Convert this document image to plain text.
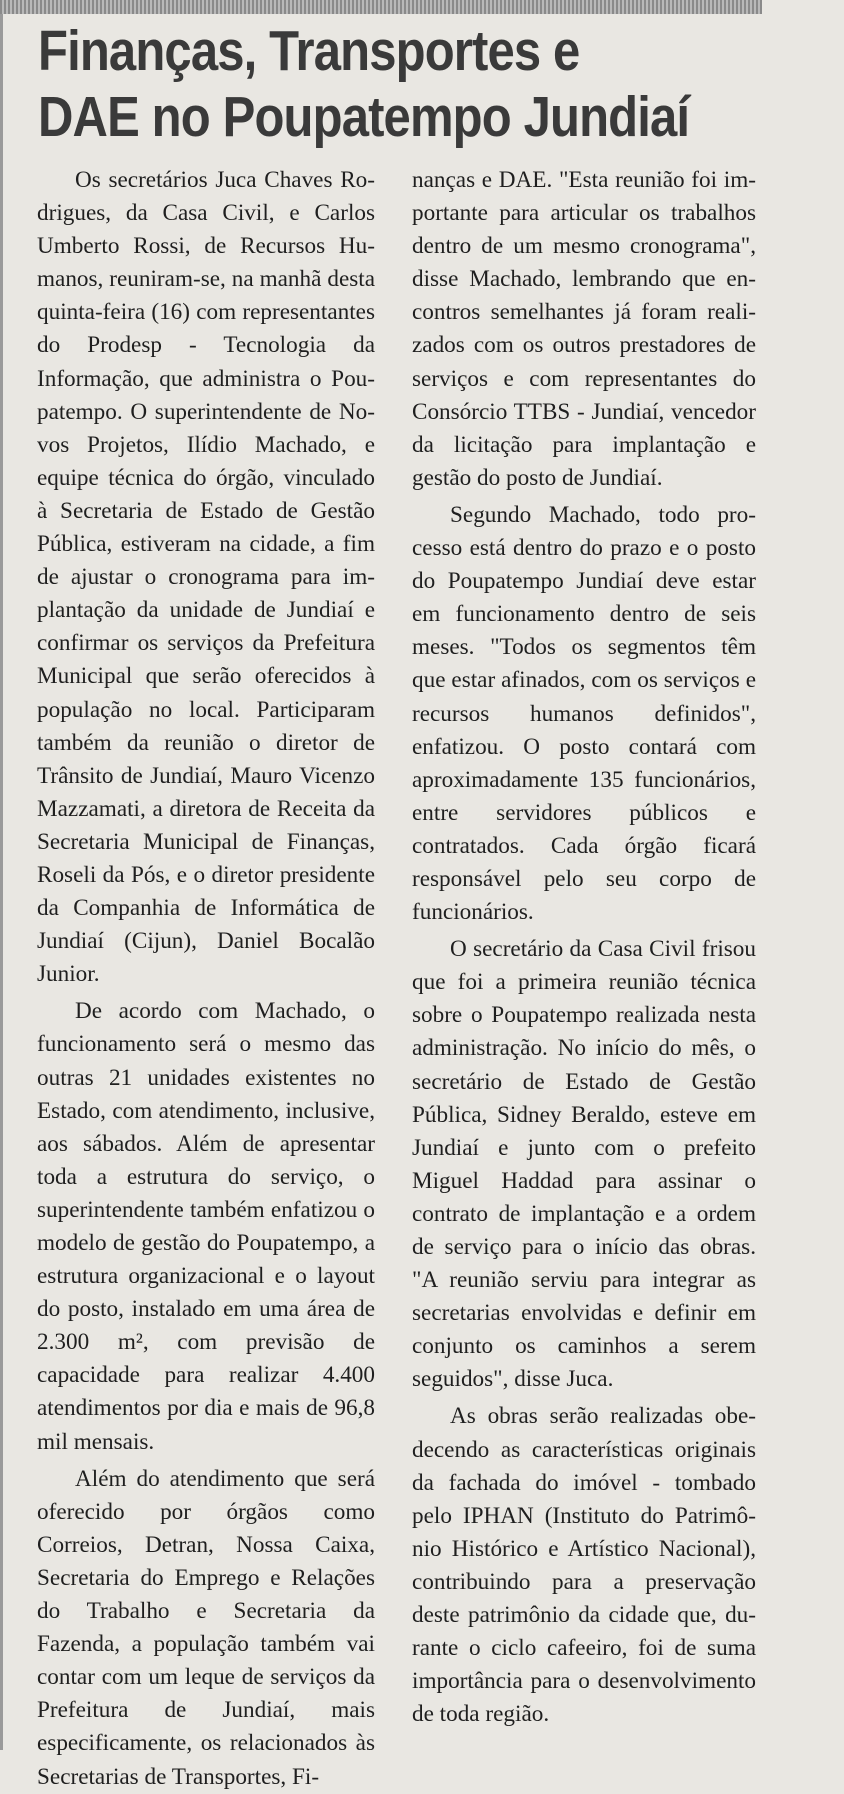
Finanças, Transportes e
DAE no Poupatempo Jundiaí

Os secretários Juca Chaves Rodrigues, da Casa Civil, e Carlos Umberto Rossi, de Recursos Humanos, reuniram-se, na manhã desta quinta-feira (16) com representantes do Prodesp - Tecnologia da Informação, que administra o Poupatempo. O superintendente de Novos Projetos, Ilídio Machado, e equipe técnica do órgão, vinculado à Secretaria de Estado de Gestão Pública, estiveram na cidade, a fim de ajustar o cronograma para implantação da unidade de Jundiaí e confirmar os serviços da Prefeitura Municipal que serão oferecidos à população no local. Participaram também da reunião o diretor de Trânsito de Jundiaí, Mauro Vicenzo Mazzamati, a diretora de Receita da Secretaria Municipal de Finanças, Roseli da Pós, e o diretor presidente da Companhia de Informática de Jundiaí (Cijun), Daniel Bocalão Junior.

De acordo com Machado, o funcionamento será o mesmo das outras 21 unidades existentes no Estado, com atendimento, inclusive, aos sábados. Além de apresentar toda a estrutura do serviço, o superintendente também enfatizou o modelo de gestão do Poupatempo, a estrutura organizacional e o layout do posto, instalado em uma área de 2.300 m², com previsão de capacidade para realizar 4.400 atendimentos por dia e mais de 96,8 mil mensais.

Além do atendimento que será oferecido por órgãos como Correios, Detran, Nossa Caixa, Secretaria do Emprego e Relações do Trabalho e Secretaria da Fazenda, a população também vai contar com um leque de serviços da Prefeitura de Jundiaí, mais especificamente, os relacionados às Secretarias de Transportes, Fi-

nanças e DAE. "Esta reunião foi importante para articular os trabalhos dentro de um mesmo cronograma", disse Machado, lembrando que encontros semelhantes já foram realizados com os outros prestadores de serviços e com representantes do Consórcio TTBS - Jundiaí, vencedor da licitação para implantação e gestão do posto de Jundiaí.

Segundo Machado, todo processo está dentro do prazo e o posto do Poupatempo Jundiaí deve estar em funcionamento dentro de seis meses. "Todos os segmentos têm que estar afinados, com os serviços e recursos humanos definidos", enfatizou. O posto contará com aproximadamente 135 funcionários, entre servidores públicos e contratados. Cada órgão ficará responsável pelo seu corpo de funcionários.

O secretário da Casa Civil frisou que foi a primeira reunião técnica sobre o Poupatempo realizada nesta administração. No início do mês, o secretário de Estado de Gestão Pública, Sidney Beraldo, esteve em Jundiaí e junto com o prefeito Miguel Haddad para assinar o contrato de implantação e a ordem de serviço para o início das obras. "A reunião serviu para integrar as secretarias envolvidas e definir em conjunto os caminhos a serem seguidos", disse Juca.

As obras serão realizadas obedecendo as características originais da fachada do imóvel - tombado pelo IPHAN (Instituto do Patrimônio Histórico e Artístico Nacional), contribuindo para a preservação deste patrimônio da cidade que, durante o ciclo cafeeiro, foi de suma importância para o desenvolvimento de toda região.
